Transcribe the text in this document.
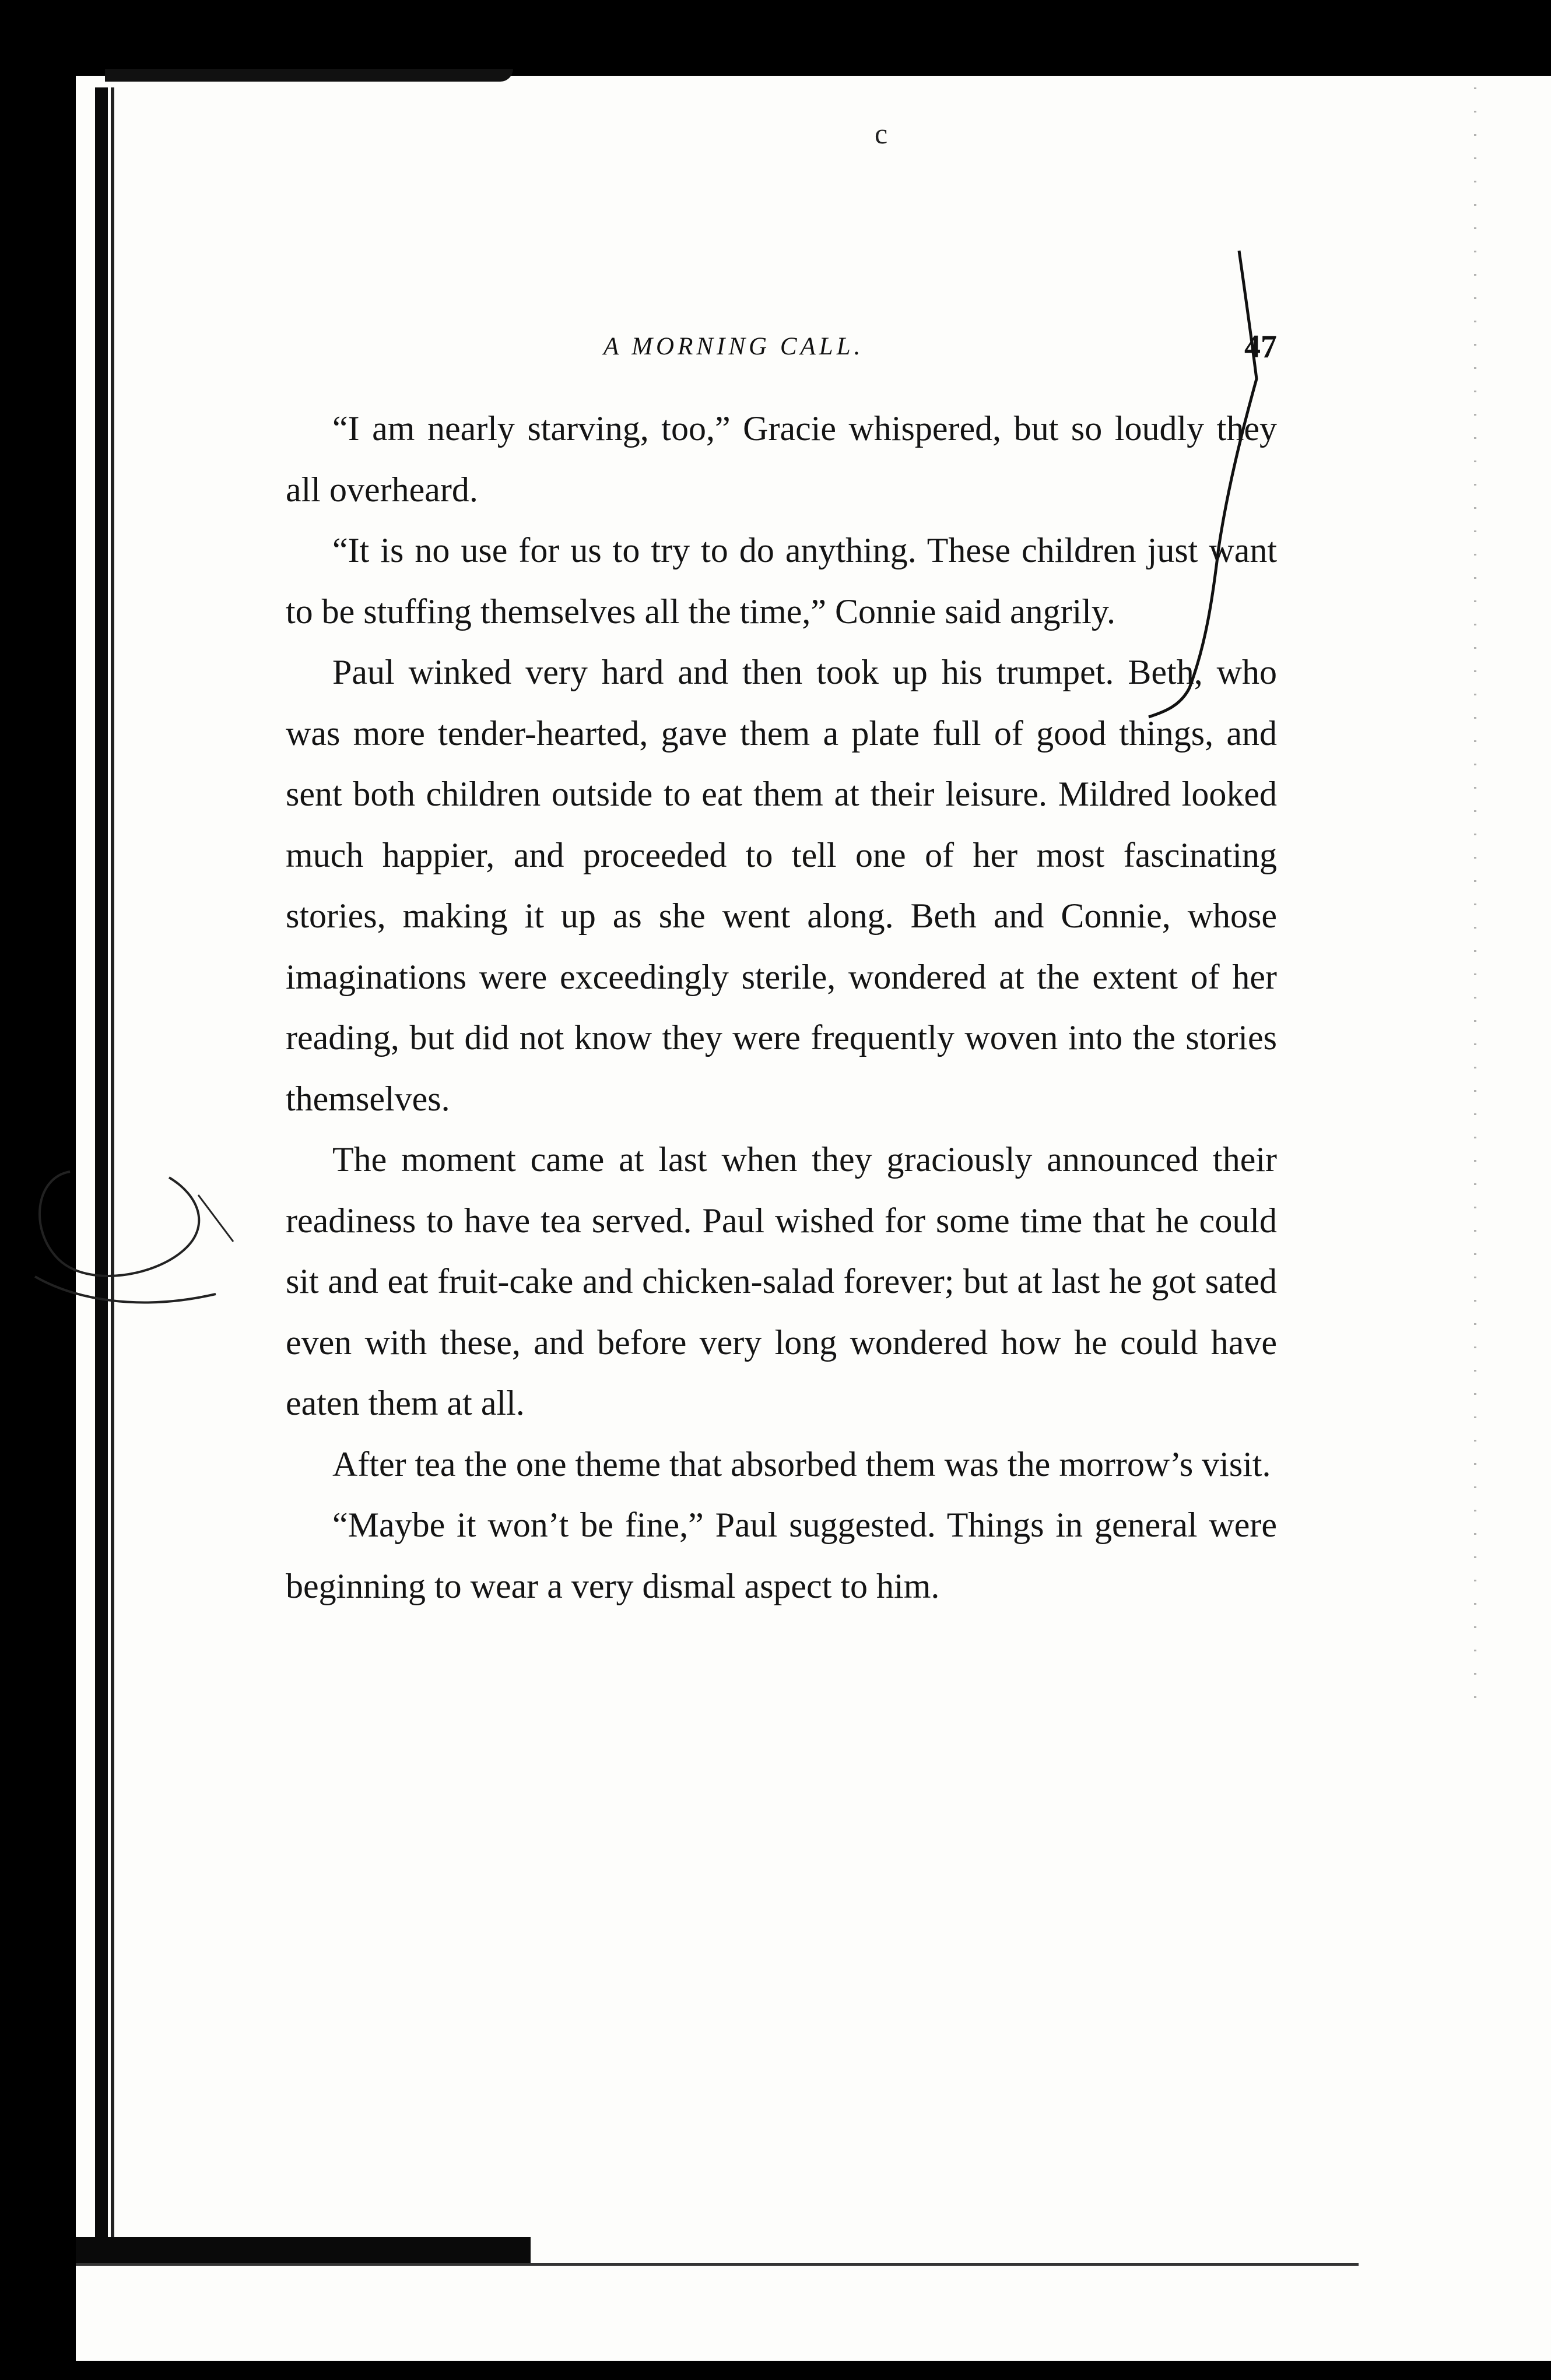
c
A MORNING CALL.	47

“I am nearly starving, too,” Gracie whispered, but so loudly they all overheard.

“It is no use for us to try to do anything. These children just want to be stuffing themselves all the time,” Connie said angrily.

Paul winked very hard and then took up his trumpet. Beth, who was more tender-hearted, gave them a plate full of good things, and sent both children outside to eat them at their leisure. Mildred looked much happier, and proceeded to tell one of her most fascinating stories, making it up as she went along. Beth and Connie, whose imaginations were exceedingly sterile, wondered at the extent of her reading, but did not know they were frequently woven into the stories themselves.

The moment came at last when they graciously announced their readiness to have tea served. Paul wished for some time that he could sit and eat fruit-cake and chicken-salad forever; but at last he got sated even with these, and before very long wondered how he could have eaten them at all.

After tea the one theme that absorbed them was the morrow’s visit.

“Maybe it won’t be fine,” Paul suggested. Things in general were beginning to wear a very dismal aspect to him.
